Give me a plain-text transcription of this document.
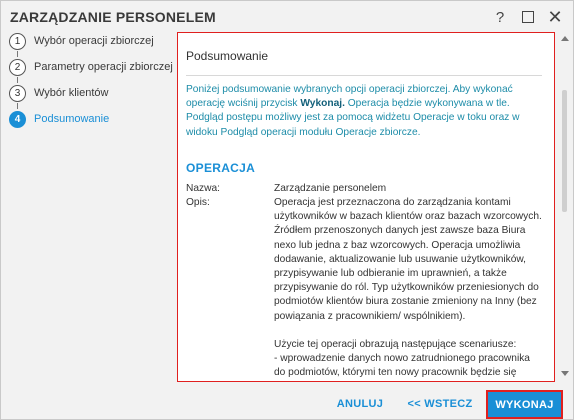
ZARZĄDZANIE PERSONELEM	?	✕
1	Wybór operacji zbiorczej
2	Parametry operacji zbiorczej
3	Wybór klientów
4	Podsumowanie
Podsumowanie
Poniżej podsumowanie wybranych opcji operacji zbiorczej. Aby wykonać operację wciśnij przycisk Wykonaj. Operacja będzie wykonywana w tle. Podgląd postępu możliwy jest za pomocą widżetu Operacje w toku oraz w widoku Podgląd operacji modułu Operacje zbiorcze.
OPERACJA
Nazwa:	Zarządzanie personelem
Opis:	Operacja jest przeznaczona do zarządzania kontami użytkowników w bazach klientów oraz bazach wzorcowych. Źródłem przenoszonych danych jest zawsze baza Biura nexo lub jedna z baz wzorcowych. Operacja umożliwia dodawanie, aktualizowanie lub usuwanie użytkowników, przypisywanie lub odbieranie im uprawnień, a także przypisywanie do ról. Typ użytkowników przeniesionych do podmiotów klientów biura zostanie zmieniony na Inny (bez powiązania z pracownikiem/ wspólnikiem).
Użycie tej operacji obrazują następujące scenariusze:
- wprowadzenie danych nowo zatrudnionego pracownika do podmiotów, którymi ten nowy pracownik będzie się
ANULUJ	<< WSTECZ	WYKONAJ
